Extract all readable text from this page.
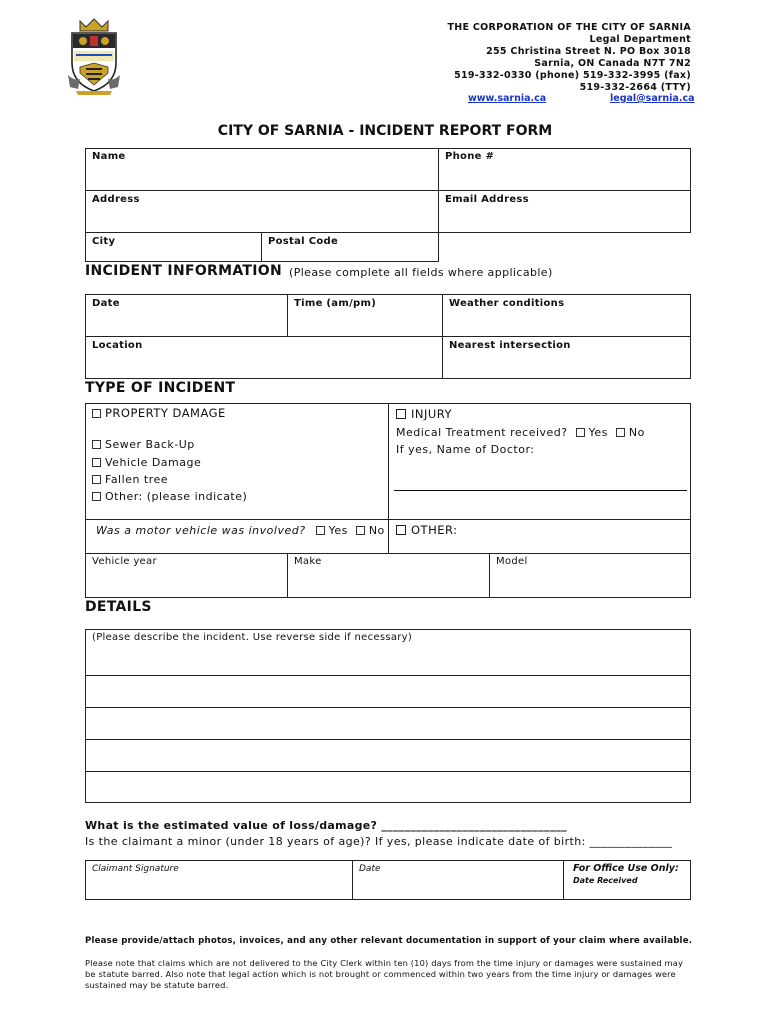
THE CORPORATION OF THE CITY OF SARNIA
Legal Department
255 Christina Street N. PO Box 3018
Sarnia, ON Canada N7T 7N2
519-332-0330 (phone) 519-332-3995 (fax)
519-332-2664 (TTY)
www.sarnia.ca	legal@sarnia.ca
CITY OF SARNIA - INCIDENT REPORT FORM
Name	Phone #
Address	Email Address
City	Postal Code
INCIDENT INFORMATION (Please complete all fields where applicable)
Date	Time (am/pm)	Weather conditions
Location	Nearest intersection
TYPE OF INCIDENT
PROPERTY DAMAGE
Sewer Back-Up
Vehicle Damage
Fallen tree
Other: (please indicate)
INJURY
Medical Treatment received? Yes No
If yes, Name of Doctor:
Was a motor vehicle was involved? Yes No	OTHER:
Vehicle year	Make	Model
DETAILS
(Please describe the incident. Use reverse side if necessary)
What is the estimated value of loss/damage? ________________________________
Is the claimant a minor (under 18 years of age)? If yes, please indicate date of birth: ______________
Claimant Signature	Date	For Office Use Only:
Date Received
Please provide/attach photos, invoices, and any other relevant documentation in support of your claim where available.
Please note that claims which are not delivered to the City Clerk within ten (10) days from the time injury or damages were sustained may be statute barred. Also note that legal action which is not brought or commenced within two years from the time injury or damages were sustained may be statute barred.
